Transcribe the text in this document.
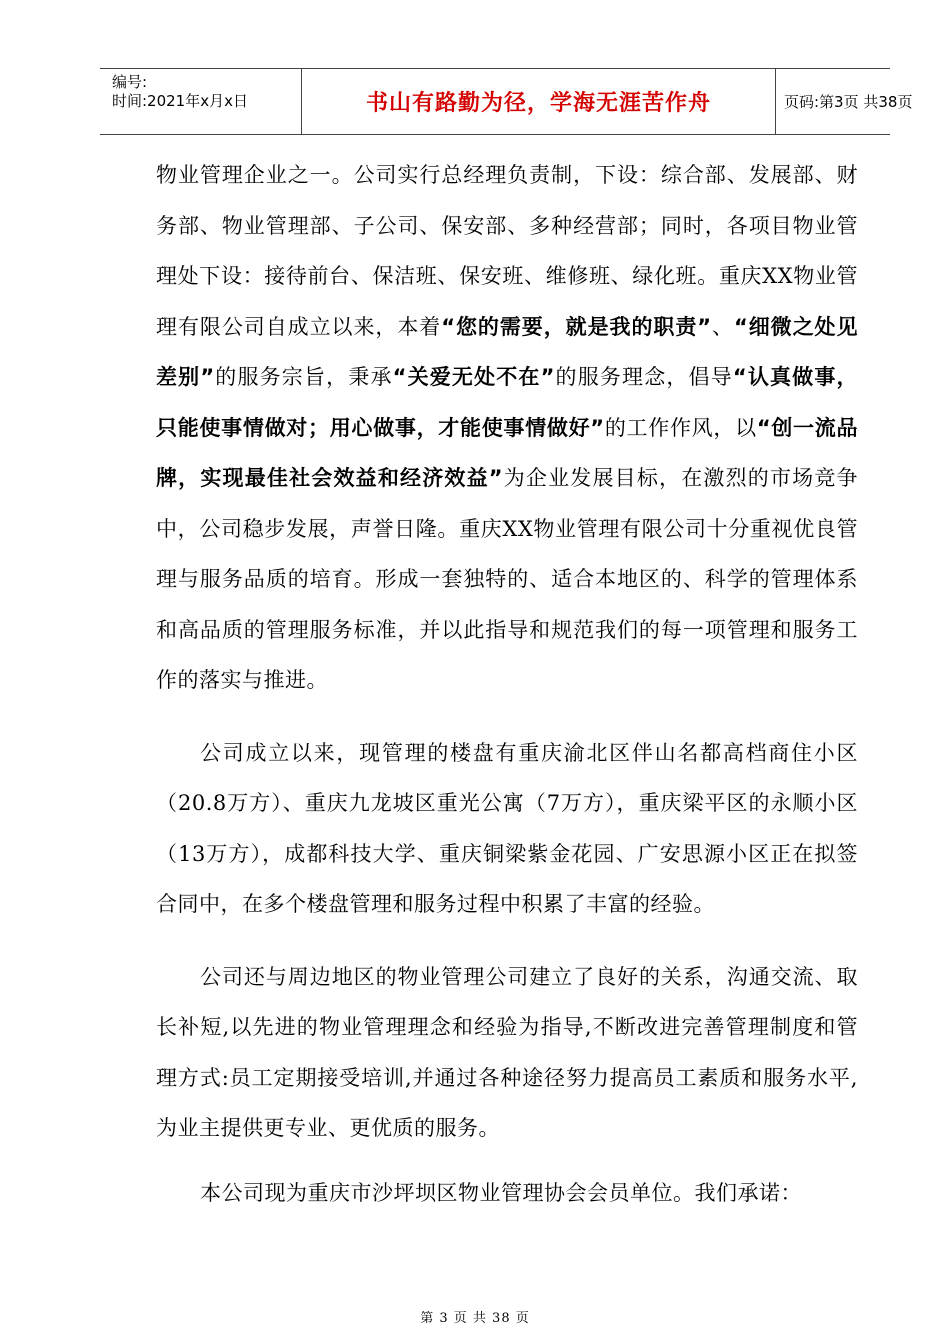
编号:
时间:2021年x月x日	书山有路勤为径，学海无涯苦作舟	页码:第3页 共38页

物业管理企业之一。公司实行总经理负责制，下设：综合部、发展部、财务部、物业管理部、子公司、保安部、多种经营部；同时，各项目物业管理处下设：接待前台、保洁班、保安班、维修班、绿化班。重庆XX物业管理有限公司自成立以来，本着“您的需要，就是我的职责”、“细微之处见差别”的服务宗旨，秉承“关爱无处不在”的服务理念，倡导“认真做事，只能使事情做对；用心做事，才能使事情做好”的工作作风，以“创一流品牌，实现最佳社会效益和经济效益”为企业发展目标，在激烈的市场竞争中，公司稳步发展，声誉日隆。重庆XX物业管理有限公司十分重视优良管理与服务品质的培育。形成一套独特的、适合本地区的、科学的管理体系和高品质的管理服务标准，并以此指导和规范我们的每一项管理和服务工作的落实与推进。

公司成立以来，现管理的楼盘有重庆渝北区伴山名都高档商住小区（20.8万方）、重庆九龙坡区重光公寓（7万方），重庆梁平区的永顺小区（13万方），成都科技大学、重庆铜梁紫金花园、广安思源小区正在拟签合同中，在多个楼盘管理和服务过程中积累了丰富的经验。

公司还与周边地区的物业管理公司建立了良好的关系，沟通交流、取长补短,以先进的物业管理理念和经验为指导,不断改进完善管理制度和管理方式:员工定期接受培训,并通过各种途径努力提高员工素质和服务水平,为业主提供更专业、更优质的服务。

本公司现为重庆市沙坪坝区物业管理协会会员单位。我们承诺：

第 3 页 共 38 页
